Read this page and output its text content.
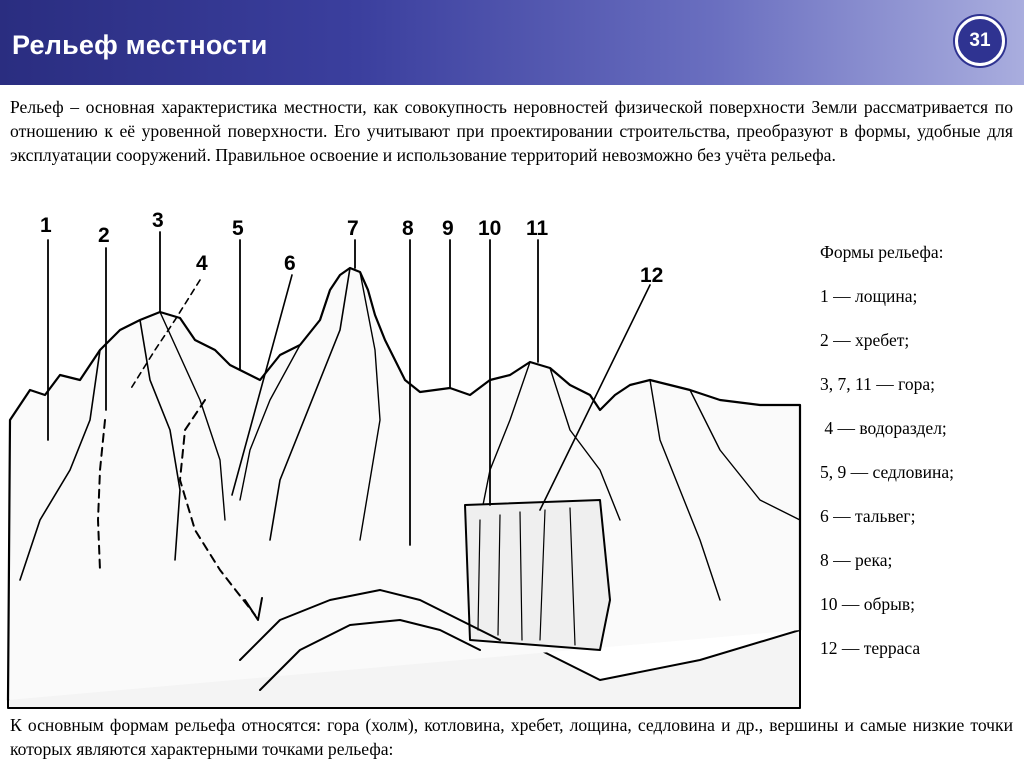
Рельеф местности	31
Рельеф – основная характеристика местности, как совокупность неровностей физической поверхности Земли рассматривается по отношению к её уровенной поверхности. Его учитывают при проектировании строительства, преобразуют в формы, удобные для эксплуатации сооружений. Правильное освоение и использование территорий невозможно без учёта рельефа.
1 2
3
4
5
6
7 8 9 10 11
12
Формы рельефа:
1 — лощина;
2 — хребет;
3, 7, 11 — гора;
4 — водораздел;
5, 9 — седловина;
6 — тальвег;
8 — река;
10 — обрыв;
12 — терраса
К основным формам рельефа относятся: гора (холм), котловина, хребет, лощина, седловина и др., вершины и самые низкие точки которых являются характерными точками рельефа:
